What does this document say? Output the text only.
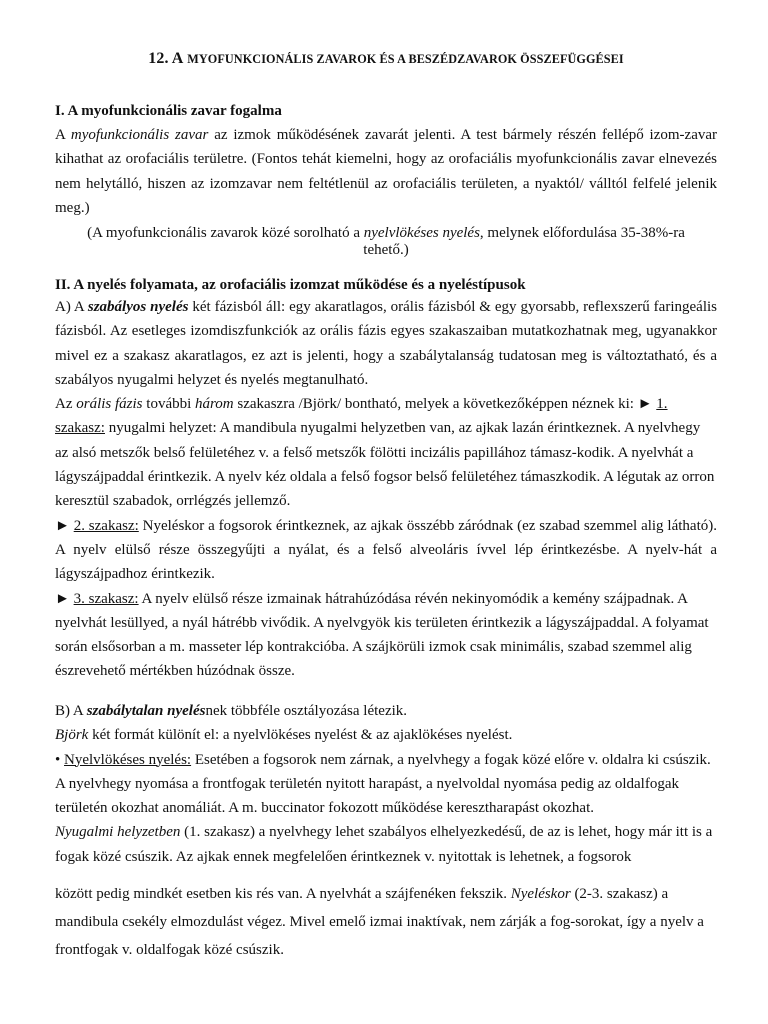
12. A MYOFUNKCIONÁLIS ZAVAROK ÉS A BESZÉDZAVAROK ÖSSZEFÜGGÉSEI

I. A myofunkcionális zavar fogalma

A myofunkcionális zavar az izmok működésének zavarát jelenti. A test bármely részén fellépő izom-zavar kihathat az orofaciális területre. (Fontos tehát kiemelni, hogy az orofaciális myofunkcionális zavar elnevezés nem helytálló, hiszen az izomzavar nem feltétlenül az orofaciális területen, a nyaktól/ válltól felfelé jelenik meg.)

(A myofunkcionális zavarok közé sorolható a nyelvlökéses nyelés, melynek előfordulása 35-38%-ra
tehető.)

II. A nyelés folyamata, az orofaciális izomzat működése és a nyeléstípusok

A) A szabályos nyelés két fázisból áll: egy akaratlagos, orális fázisból & egy gyorsabb, reflexszerű faringeális fázisból. Az esetleges izomdiszfunkciók az orális fázis egyes szakaszaiban mutatkozhatnak meg, ugyanakkor mivel ez a szakasz akaratlagos, ez azt is jelenti, hogy a szabálytalanság tudatosan meg is változtatható, és a szabályos nyugalmi helyzet és nyelés megtanulható.

Az orális fázis további három szakaszra /Björk/ bontható, melyek a következőképpen néznek ki: ► 1. szakasz: nyugalmi helyzet: A mandibula nyugalmi helyzetben van, az ajkak lazán érintkeznek. A nyelvhegy az alsó metszők belső felületéhez v. a felső metszők fölötti incizális papillához támasz-kodik. A nyelvhát a lágyszájpaddal érintkezik. A nyelv kéz oldala a felső fogsor belső felületéhez támaszkodik. A légutak az orron keresztül szabadok, orrlégzés jellemző.

► 2. szakasz: Nyeléskor a fogsorok érintkeznek, az ajkak összébb záródnak (ez szabad szemmel alig látható). A nyelv elülső része összegyűjti a nyálat, és a felső alveoláris ívvel lép érintkezésbe. A nyelv-hát a lágyszájpadhoz érintkezik.

► 3. szakasz: A nyelv elülső része izmainak hátrahúzódása révén nekinyomódik a kemény szájpadnak. A nyelvhát lesüllyed, a nyál hátrébb vivődik. A nyelvgyök kis területen érintkezik a lágyszájpaddal. A folyamat során elsősorban a m. masseter lép kontrakcióba. A szájkörüli izmok csak minimális, szabad szemmel alig észrevehető mértékben húzódnak össze.

B) A szabálytalan nyelésnek többféle osztályozása létezik.

Björk két formát különít el: a nyelvlökéses nyelést & az ajaklökéses nyelést.

• Nyelvlökéses nyelés: Esetében a fogsorok nem zárnak, a nyelvhegy a fogak közé előre v. oldalra ki csúszik. A nyelvhegy nyomása a frontfogak területén nyitott harapást, a nyelvoldal nyomása pedig az oldalfogak területén okozhat anomáliát. A m. buccinator fokozott működése keresztharapást okozhat.

Nyugalmi helyzetben (1. szakasz) a nyelvhegy lehet szabályos elhelyezkedésű, de az is lehet, hogy már itt is a fogak közé csúszik. Az ajkak ennek megfelelően érintkeznek v. nyitottak is lehetnek, a fogsorok

között pedig mindkét esetben kis rés van. A nyelvhát a szájfenéken fekszik. Nyeléskor (2-3. szakasz) a mandibula csekély elmozdulást végez. Mivel emelő izmai inaktívak, nem zárják a fog-sorokat, így a nyelv a frontfogak v. oldalfogak közé csúszik.
